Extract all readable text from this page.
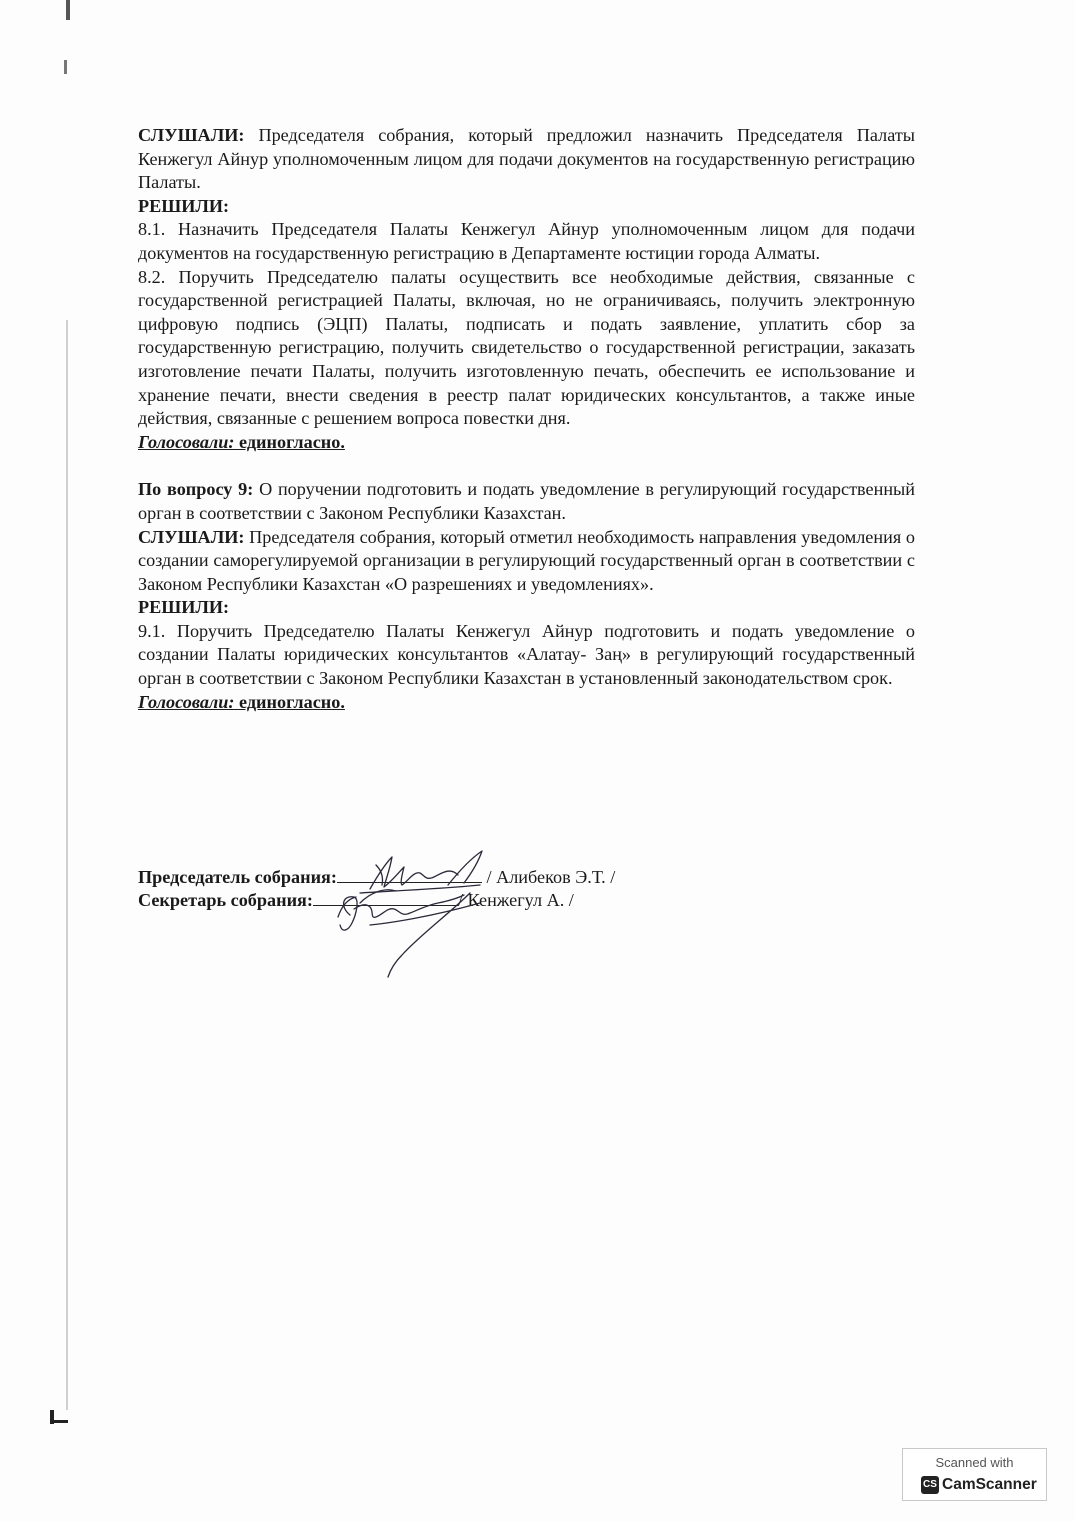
СЛУШАЛИ: Председателя собрания, который предложил назначить Председателя Палаты Кенжегул Айнур уполномоченным лицом для подачи документов на государственную регистрацию Палаты.

РЕШИЛИ:

8.1. Назначить Председателя Палаты Кенжегул Айнур уполномоченным лицом для подачи документов на государственную регистрацию в Департаменте юстиции города Алматы.

8.2. Поручить Председателю палаты осуществить все необходимые действия, связанные с государственной регистрацией Палаты, включая, но не ограничиваясь, получить электронную цифровую подпись (ЭЦП) Палаты, подписать и подать заявление, уплатить сбор за государственную регистрацию, получить свидетельство о государственной регистрации, заказать изготовление печати Палаты, получить изготовленную печать, обеспечить ее использование и хранение печати, внести сведения в реестр палат юридических консультантов, а также иные действия, связанные с решением вопроса повестки дня.

Голосовали: единогласно.

По вопросу 9: О поручении подготовить и подать уведомление в регулирующий государственный орган в соответствии с Законом Республики Казахстан.

СЛУШАЛИ: Председателя собрания, который отметил необходимость направления уведомления о создании саморегулируемой организации в регулирующий государственный орган в соответствии с Законом Республики Казахстан «О разрешениях и уведомлениях».

РЕШИЛИ:

9.1. Поручить Председателю Палаты Кенжегул Айнур подготовить и подать уведомление о создании Палаты юридических консультантов «Алатау- Заң» в регулирующий государственный орган в соответствии с Законом Республики Казахстан в установленный законодательством срок.

Голосовали: единогласно.

Председатель собрания:	/ Алибеков Э.Т. /
Секретарь собрания:	/ Кенжегул А. /
Scanned with
CS CamScanner
